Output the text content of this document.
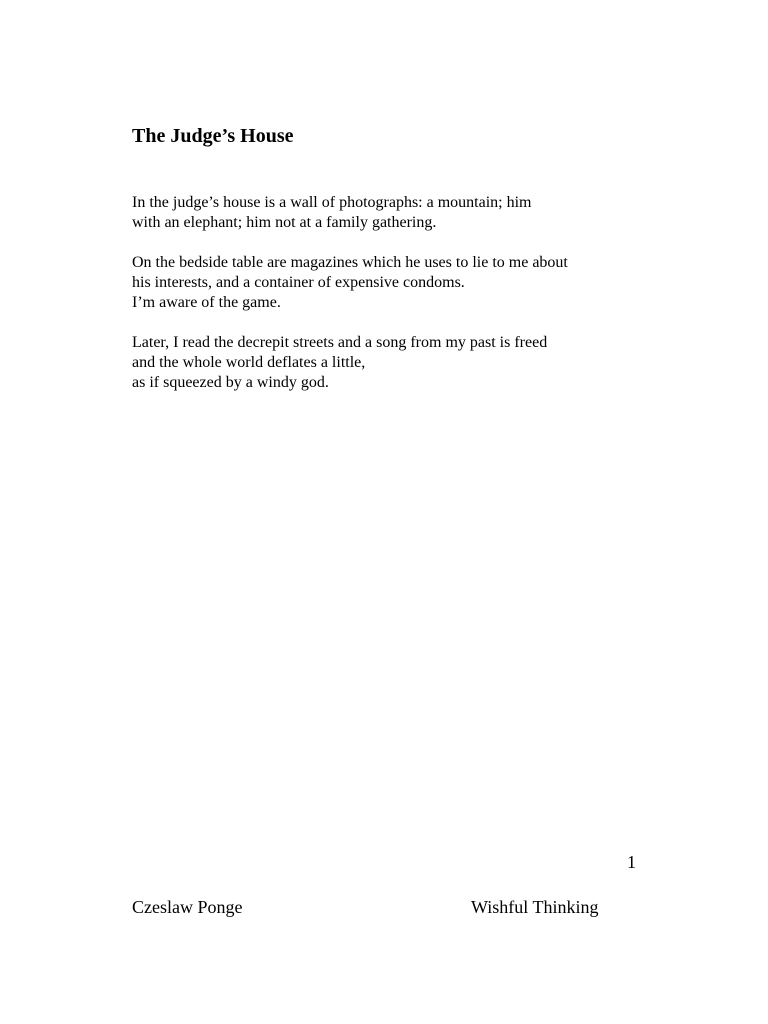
The Judge’s House
In the judge’s house is a wall of photographs: a mountain; him
with an elephant; him not at a family gathering.
On the bedside table are magazines which he uses to lie to me about
his interests, and a container of expensive condoms.
I’m aware of the game.
Later, I read the decrepit streets and a song from my past is freed
and the whole world deflates a little,
as if squeezed by a windy god.
1
Czeslaw Ponge	Wishful Thinking
